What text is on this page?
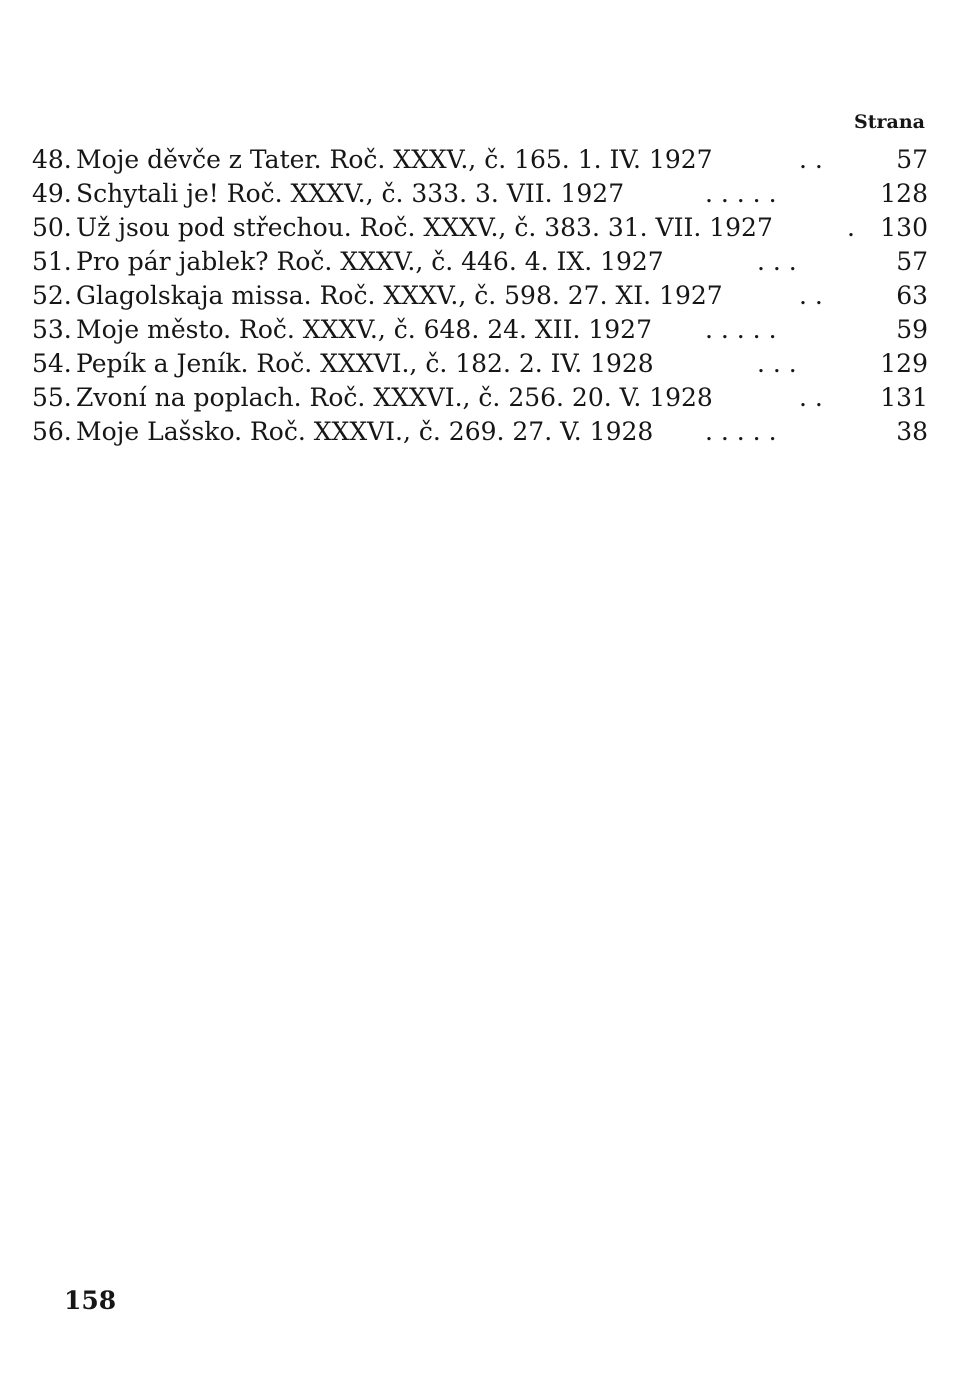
Strana
48. Moje děvče z Tater. Roč. XXXV., č. 165. 1. IV. 1927	. .	57
49. Schytali je! Roč. XXXV., č. 333. 3. VII. 1927	. . . . .	128
50. Už jsou pod střechou. Roč. XXXV., č. 383. 31. VII. 1927	. 130
51. Pro pár jablek? Roč. XXXV., č. 446. 4. IX. 1927	. . .	57
52. Glagolskaja missa. Roč. XXXV., č. 598. 27. XI. 1927	. .	63
53. Moje město. Roč. XXXV., č. 648. 24. XII. 1927 . . . . .	59
54. Pepík a Jeník. Roč. XXXVI., č. 182. 2. IV. 1928	. . .	129
55. Zvoní na poplach. Roč. XXXVI., č. 256. 20. V. 1928	. . 131
56. Moje Lašsko. Roč. XXXVI., č. 269. 27. V. 1928 . . . . .	38
158
